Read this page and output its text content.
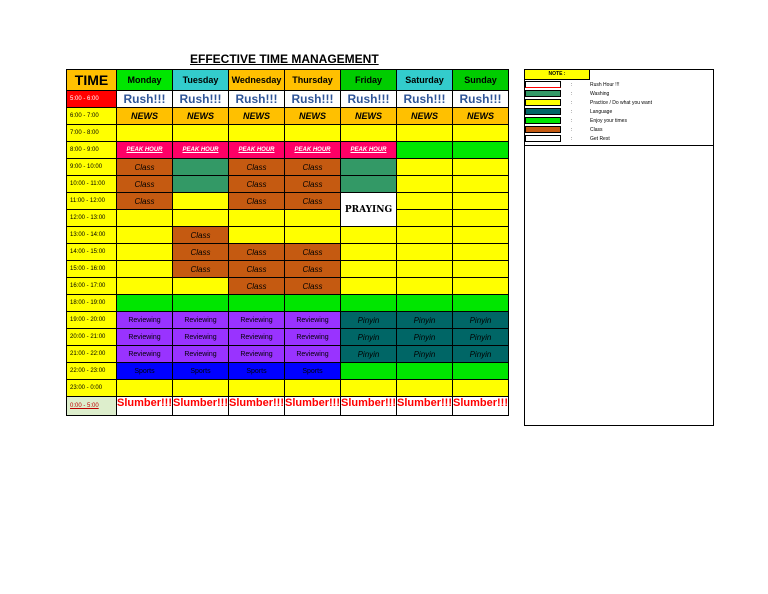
EFFECTIVE TIME MANAGEMENT
TIME	Monday	Tuesday	Wednesday	Thursday	Friday	Saturday	Sunday
5:00 - 6:00	Rush!!!	Rush!!!	Rush!!!	Rush!!!	Rush!!!	Rush!!!	Rush!!!
6:00 - 7:00	NEWS	NEWS	NEWS	NEWS	NEWS	NEWS	NEWS
7:00 - 8:00							
8:00 - 9:00	PEAK HOUR	PEAK HOUR	PEAK HOUR	PEAK HOUR	PEAK HOUR		
9:00 - 10:00	Class		Class	Class			
10:00 - 11:00	Class		Class	Class			
11:00 - 12:00	Class		Class	Class	PRAYING		
12:00 - 13:00							
13:00 - 14:00		Class					
14:00 - 15:00		Class	Class	Class			
15:00 - 16:00		Class	Class	Class			
16:00 - 17:00			Class	Class			
18:00 - 19:00							
19:00 - 20:00	Reviewing	Reviewing	Reviewing	Reviewing	Pinyin	Pinyin	Pinyin
20:00 - 21:00	Reviewing	Reviewing	Reviewing	Reviewing	Pinyin	Pinyin	Pinyin
21:00 - 22:00	Reviewing	Reviewing	Reviewing	Reviewing	Pinyin	Pinyin	Pinyin
22:00 - 23:00	Sports	Sports	Sports	Sports			
23:00 - 0:00							
0:00 - 5:00	Slumber!!!	Slumber!!!	Slumber!!!	Slumber!!!	Slumber!!!	Slumber!!!	Slumber!!!
NOTE :
:	Rush Hour !!!
:	Washing
:	Practice / Do what you want
:	Language
:	Enjoy your times
:	Class
:	Get Rest
